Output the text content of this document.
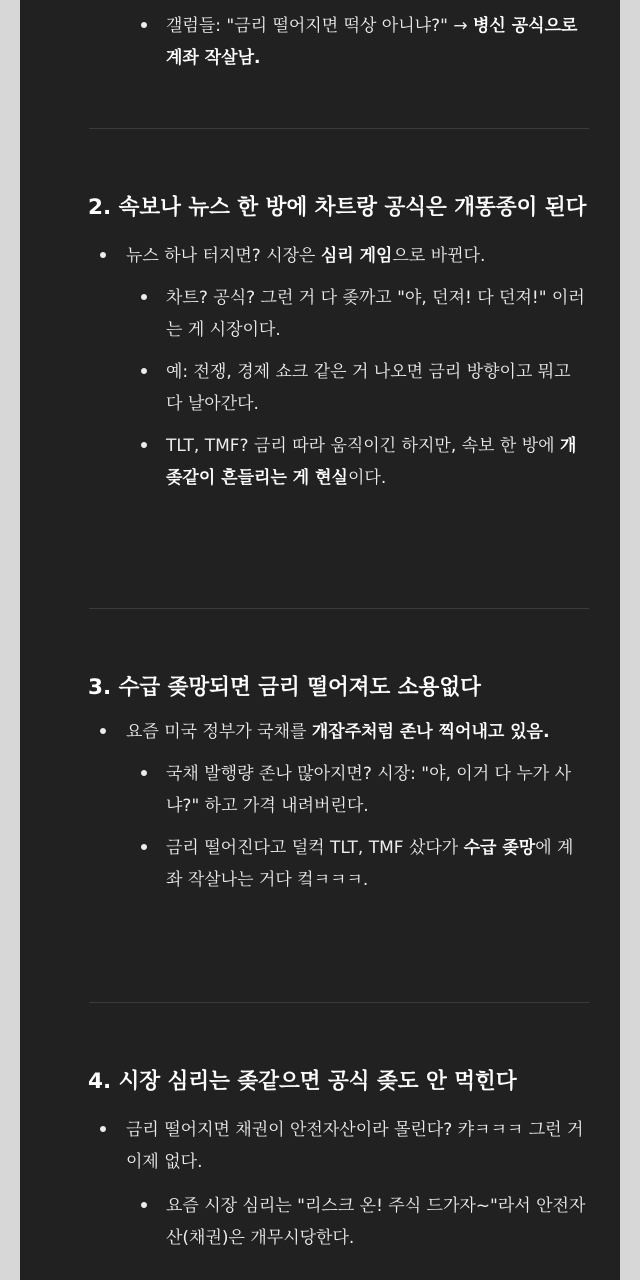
갤럼들: "금리 떨어지면 떡상 아니냐?" → 병신 공식으로 계좌 작살남.
2. 속보나 뉴스 한 방에 차트랑 공식은 개똥종이 된다
뉴스 하나 터지면? 시장은 심리 게임으로 바뀐다.
차트? 공식? 그런 거 다 좆까고 "야, 던져! 다 던져!" 이러는 게 시장이다.
예: 전쟁, 경제 쇼크 같은 거 나오면 금리 방향이고 뭐고 다 날아간다.
TLT, TMF? 금리 따라 움직이긴 하지만, 속보 한 방에 개좆같이 흔들리는 게 현실이다.
3. 수급 좆망되면 금리 떨어져도 소용없다
요즘 미국 정부가 국채를 개잡주처럼 존나 찍어내고 있음.
국채 발행량 존나 많아지면? 시장: "야, 이거 다 누가 사냐?" 하고 가격 내려버린다.
금리 떨어진다고 덜컥 TLT, TMF 샀다가 수급 좆망에 계좌 작살나는 거다 컼ㅋㅋㅋ.
4. 시장 심리는 좆같으면 공식 좆도 안 먹힌다
금리 떨어지면 채권이 안전자산이라 몰린다? 캬ㅋㅋㅋ 그런 거 이제 없다.
요즘 시장 심리는 "리스크 온! 주식 드가자~"라서 안전자산(채권)은 개무시당한다.
